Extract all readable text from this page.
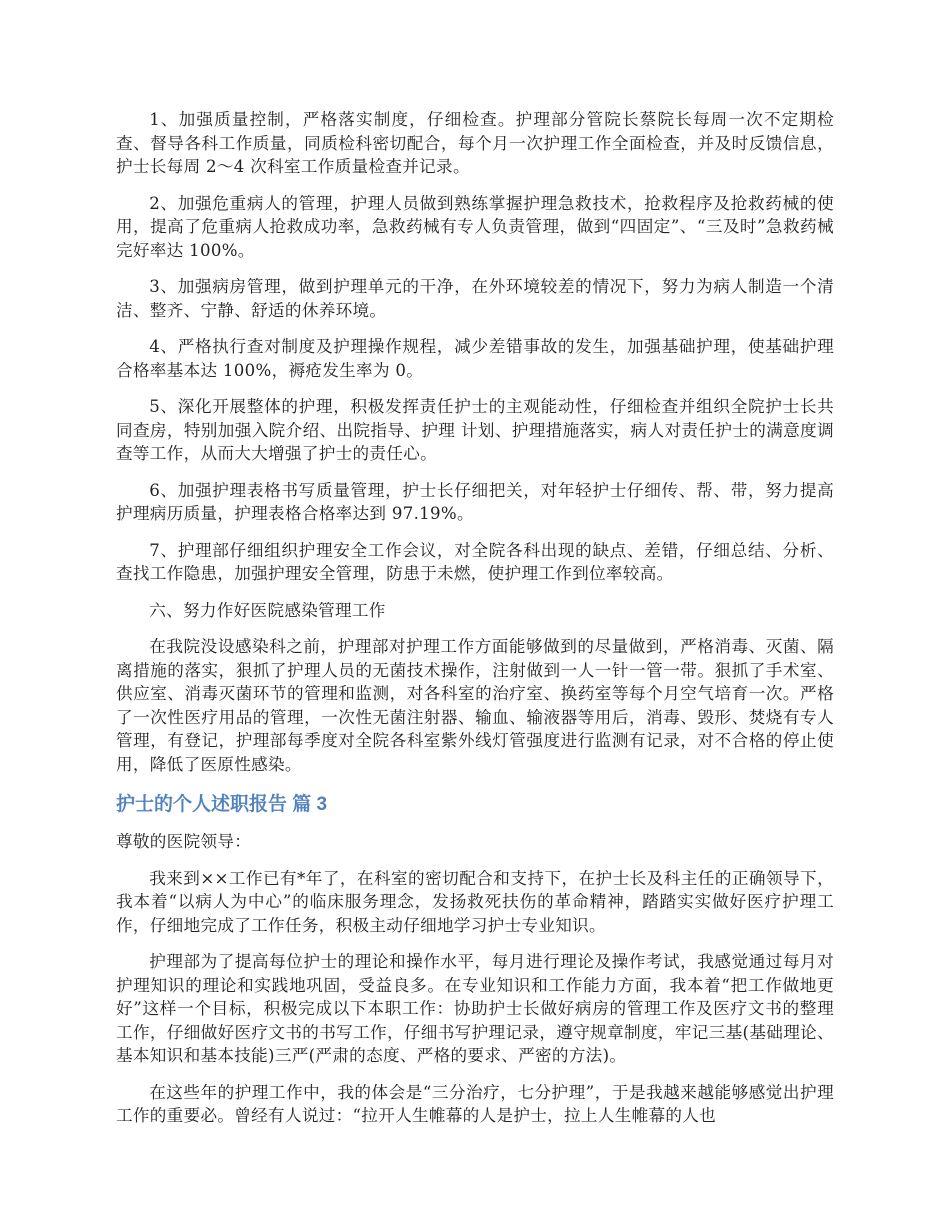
1、加强质量控制，严格落实制度，仔细检查。护理部分管院长蔡院长每周一次不定期检查、督导各科工作质量，同质检科密切配合，每个月一次护理工作全面检查，并及时反馈信息，护士长每周 2～4 次科室工作质量检查并记录。

2、加强危重病人的管理，护理人员做到熟练掌握护理急救技术，抢救程序及抢救药械的使用，提高了危重病人抢救成功率，急救药械有专人负责管理，做到“四固定”、“三及时”急救药械完好率达 100%。

3、加强病房管理，做到护理单元的干净，在外环境较差的情况下，努力为病人制造一个清洁、整齐、宁静、舒适的休养环境。

4、严格执行查对制度及护理操作规程，减少差错事故的发生，加强基础护理，使基础护理合格率基本达 100%，褥疮发生率为 0。

5、深化开展整体的护理，积极发挥责任护士的主观能动性，仔细检查并组织全院护士长共同查房，特别加强入院介绍、出院指导、护理 计划、护理措施落实，病人对责任护士的满意度调查等工作，从而大大增强了护士的责任心。

6、加强护理表格书写质量管理，护士长仔细把关，对年轻护士仔细传、帮、带，努力提高护理病历质量，护理表格合格率达到 97.19%。

7、护理部仔细组织护理安全工作会议，对全院各科出现的缺点、差错，仔细总结、分析、查找工作隐患，加强护理安全管理，防患于未燃，使护理工作到位率较高。

六、努力作好医院感染管理工作

在我院没设感染科之前，护理部对护理工作方面能够做到的尽量做到，严格消毒、灭菌、隔离措施的落实，狠抓了护理人员的无菌技术操作，注射做到一人一针一管一带。狠抓了手术室、供应室、消毒灭菌环节的管理和监测，对各科室的治疗室、换药室等每个月空气培育一次。严格了一次性医疗用品的管理，一次性无菌注射器、输血、输液器等用后，消毒、毁形、焚烧有专人管理，有登记，护理部每季度对全院各科室紫外线灯管强度进行监测有记录，对不合格的停止使用，降低了医原性感染。

护士的个人述职报告 篇 3

尊敬的医院领导：

我来到××工作已有*年了，在科室的密切配合和支持下，在护士长及科主任的正确领导下，我本着“以病人为中心”的临床服务理念，发扬救死扶伤的革命精神，踏踏实实做好医疗护理工作，仔细地完成了工作任务，积极主动仔细地学习护士专业知识。

护理部为了提高每位护士的理论和操作水平，每月进行理论及操作考试，我感觉通过每月对护理知识的理论和实践地巩固，受益良多。在专业知识和工作能力方面，我本着“把工作做地更好”这样一个目标，积极完成以下本职工作：协助护士长做好病房的管理工作及医疗文书的整理工作，仔细做好医疗文书的书写工作，仔细书写护理记录，遵守规章制度，牢记三基(基础理论、基本知识和基本技能)三严(严肃的态度、严格的要求、严密的方法)。

在这些年的护理工作中，我的体会是“三分治疗，七分护理”，于是我越来越能够感觉出护理工作的重要必。曾经有人说过：“拉开人生帷幕的人是护士，拉上人生帷幕的人也
